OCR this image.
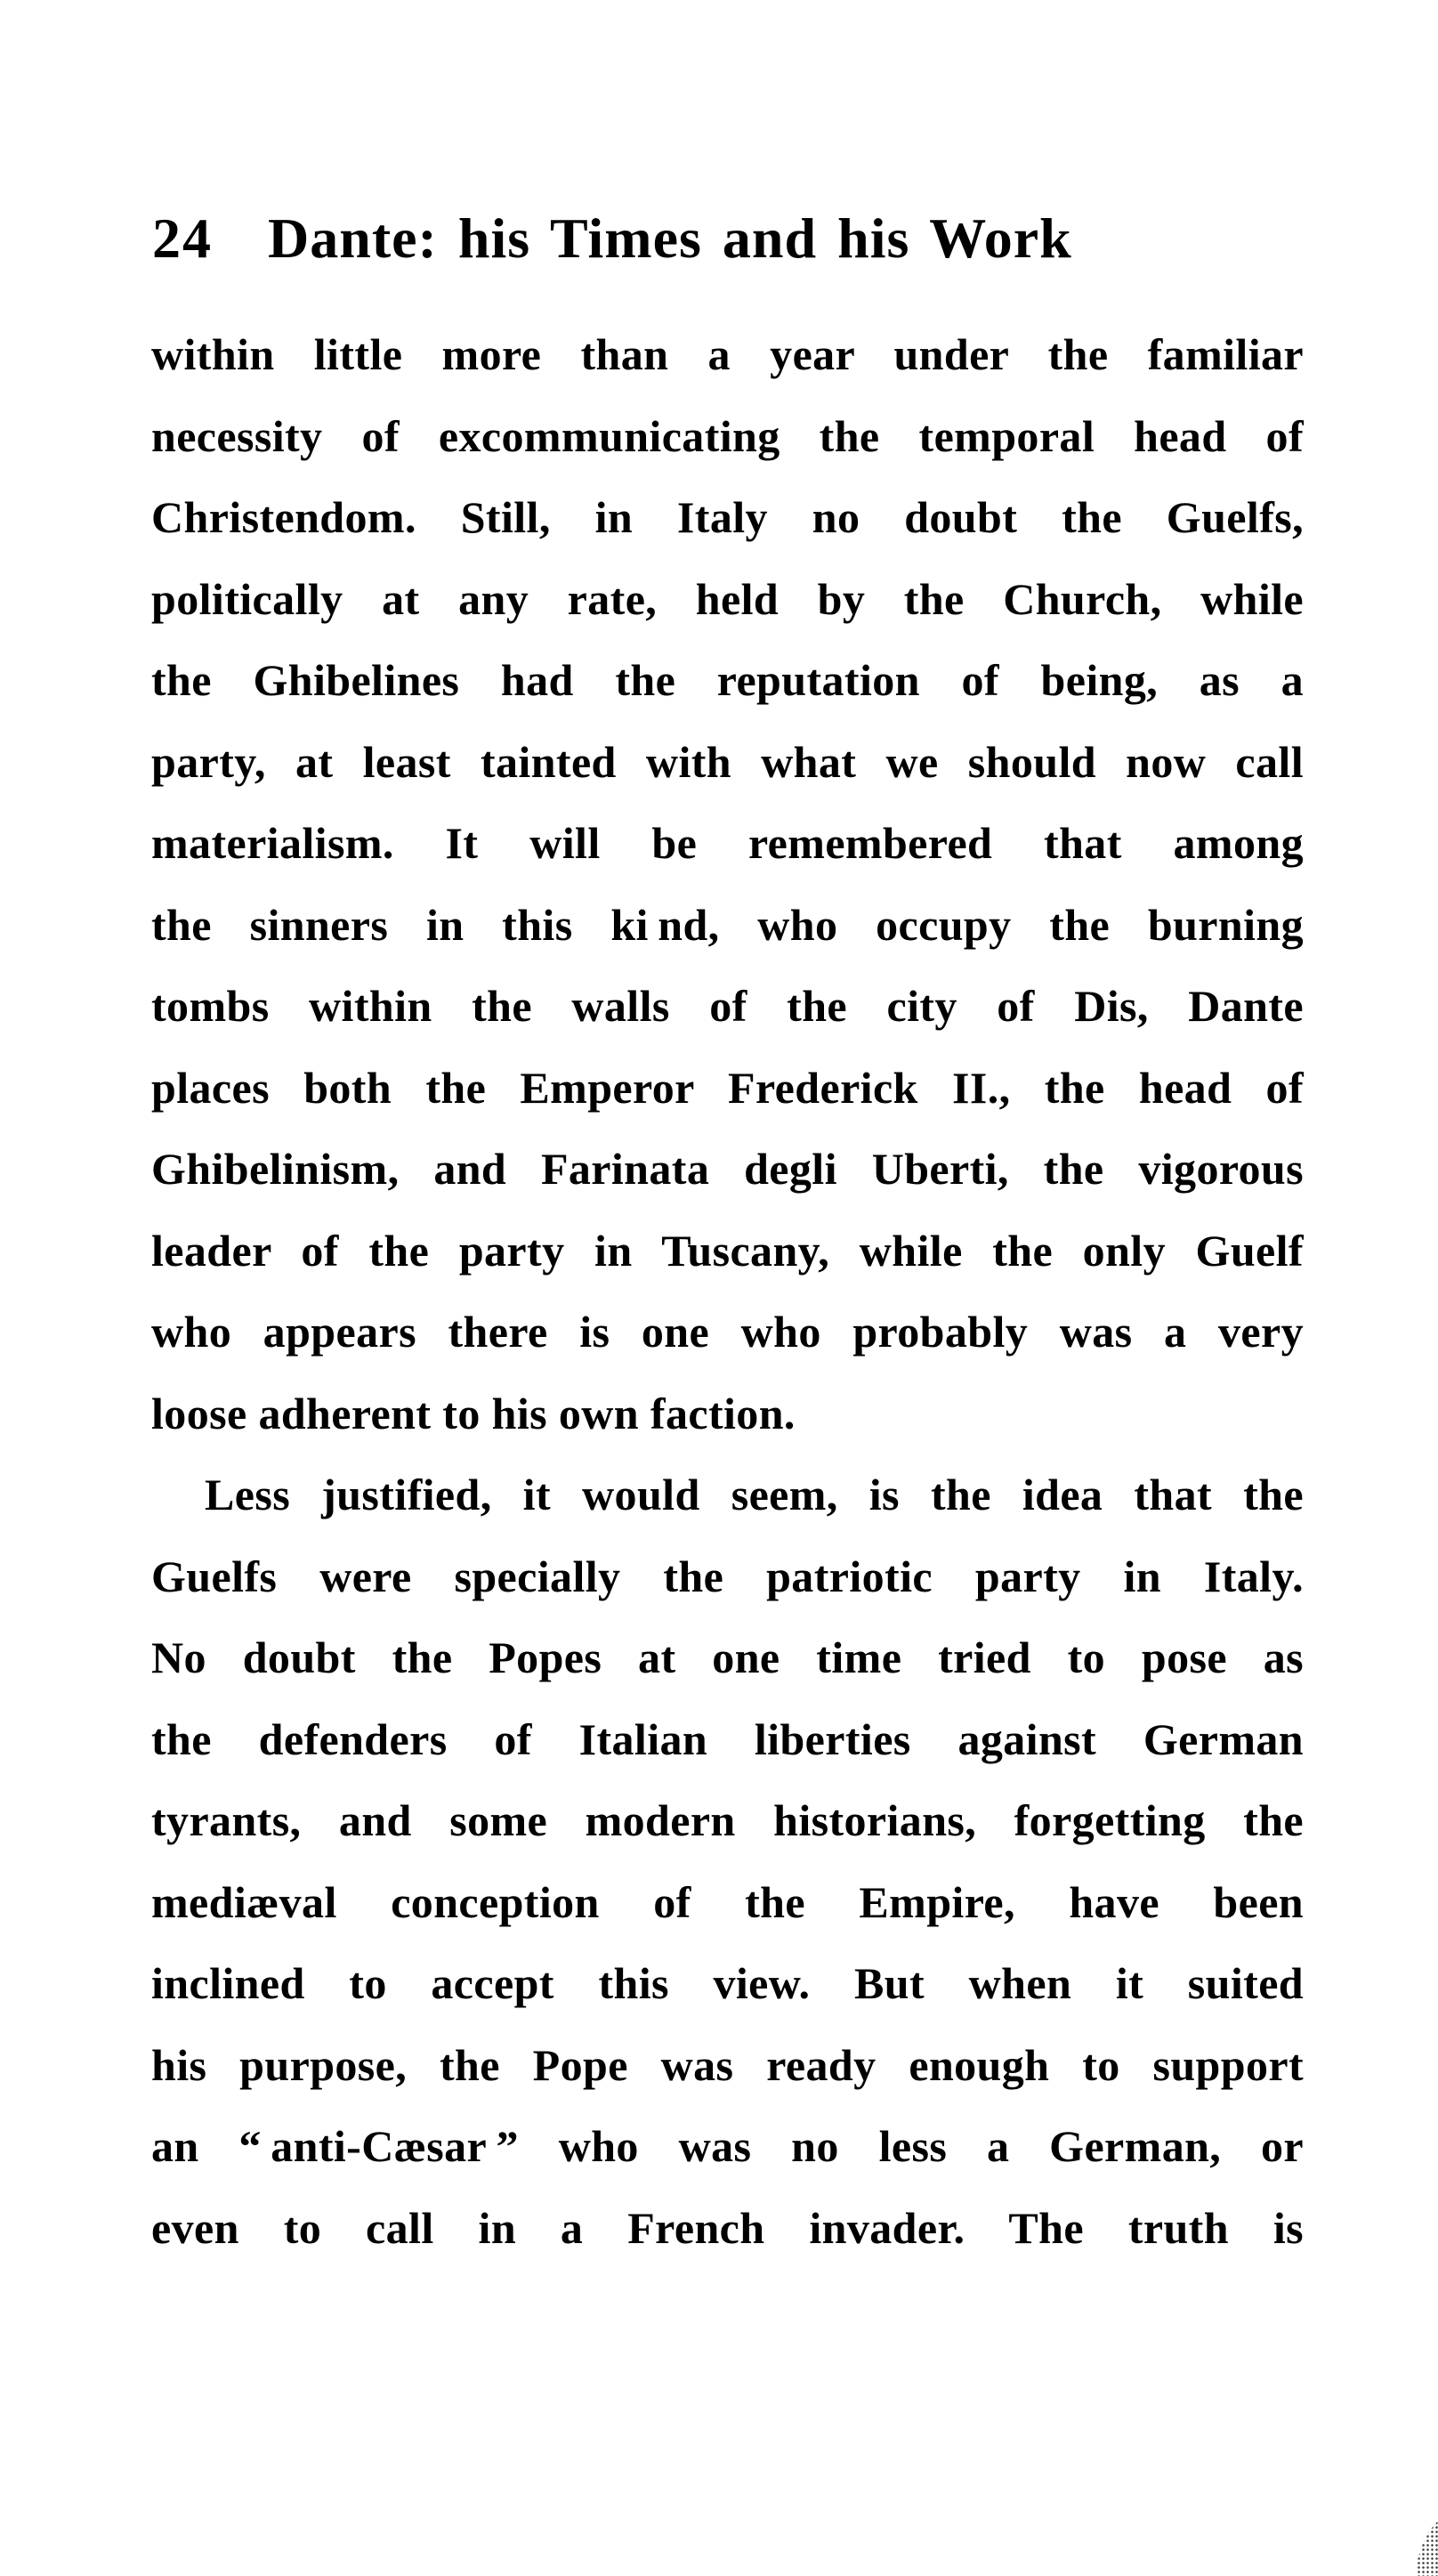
24 Dante: his Times and his Work
within little more than a year under the familiar
necessity of excommunicating the temporal head of
Christendom. Still, in Italy no doubt the Guelfs,
politically at any rate, held by the Church, while
the Ghibelines had the reputation of being, as a
party, at least tainted with what we should now call
materialism. It will be remembered that among
the sinners in this ki nd, who occupy the burning
tombs within the walls of the city of Dis, Dante
places both the Emperor Frederick II., the head of
Ghibelinism, and Farinata degli Uberti, the vigorous
leader of the party in Tuscany, while the only Guelf
who appears there is one who probably was a very
loose adherent to his own faction.
Less justified, it would seem, is the idea that the
Guelfs were specially the patriotic party in Italy.
No doubt the Popes at one time tried to pose as
the defenders of Italian liberties against German
tyrants, and some modern historians, forgetting the
mediæval conception of the Empire, have been
inclined to accept this view. But when it suited
his purpose, the Pope was ready enough to support
an “ anti-Cæsar ” who was no less a German, or
even to call in a French invader. The truth is
